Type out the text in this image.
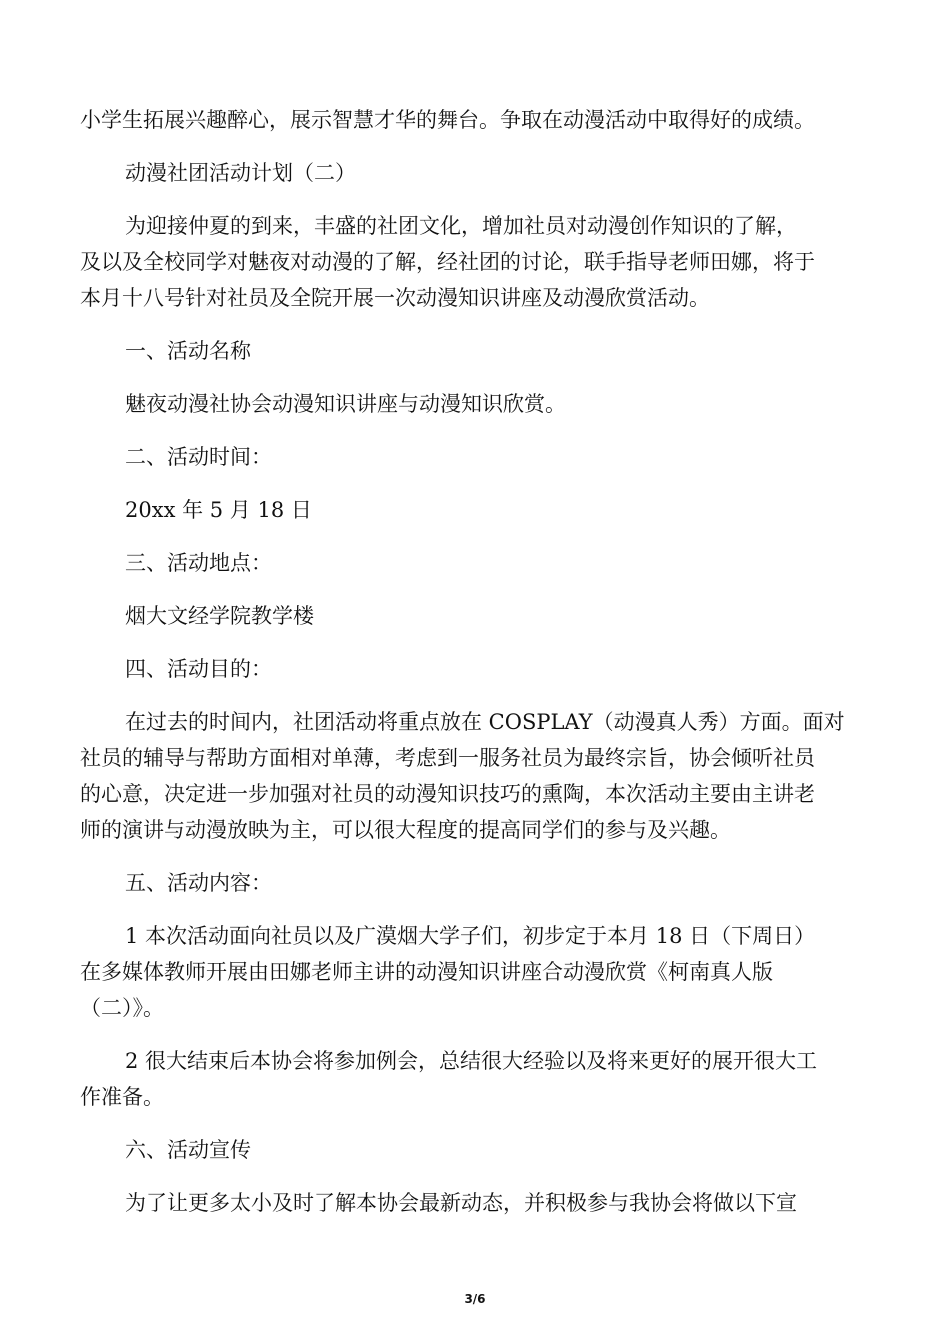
小学生拓展兴趣醉心，展示智慧才华的舞台。争取在动漫活动中取得好的成绩。
动漫社团活动计划（二）
为迎接仲夏的到来，丰盛的社团文化，增加社员对动漫创作知识的了解，
及以及全校同学对魅夜对动漫的了解，经社团的讨论，联手指导老师田娜，将于
本月十八号针对社员及全院开展一次动漫知识讲座及动漫欣赏活动。
一、活动名称
魅夜动漫社协会动漫知识讲座与动漫知识欣赏。
二、活动时间：
20xx 年 5 月 18 日
三、活动地点：
烟大文经学院教学楼
四、活动目的：
在过去的时间内，社团活动将重点放在 COSPLAY（动漫真人秀）方面。面对
社员的辅导与帮助方面相对单薄，考虑到一服务社员为最终宗旨，协会倾听社员
的心意，决定进一步加强对社员的动漫知识技巧的熏陶，本次活动主要由主讲老
师的演讲与动漫放映为主，可以很大程度的提高同学们的参与及兴趣。
五、活动内容：
1 本次活动面向社员以及广漠烟大学子们，初步定于本月 18 日（下周日）
在多媒体教师开展由田娜老师主讲的动漫知识讲座合动漫欣赏《柯南真人版
（二）》。
2 很大结束后本协会将参加例会，总结很大经验以及将来更好的展开很大工
作准备。
六、活动宣传
为了让更多太小及时了解本协会最新动态，并积极参与我协会将做以下宣
3/6
